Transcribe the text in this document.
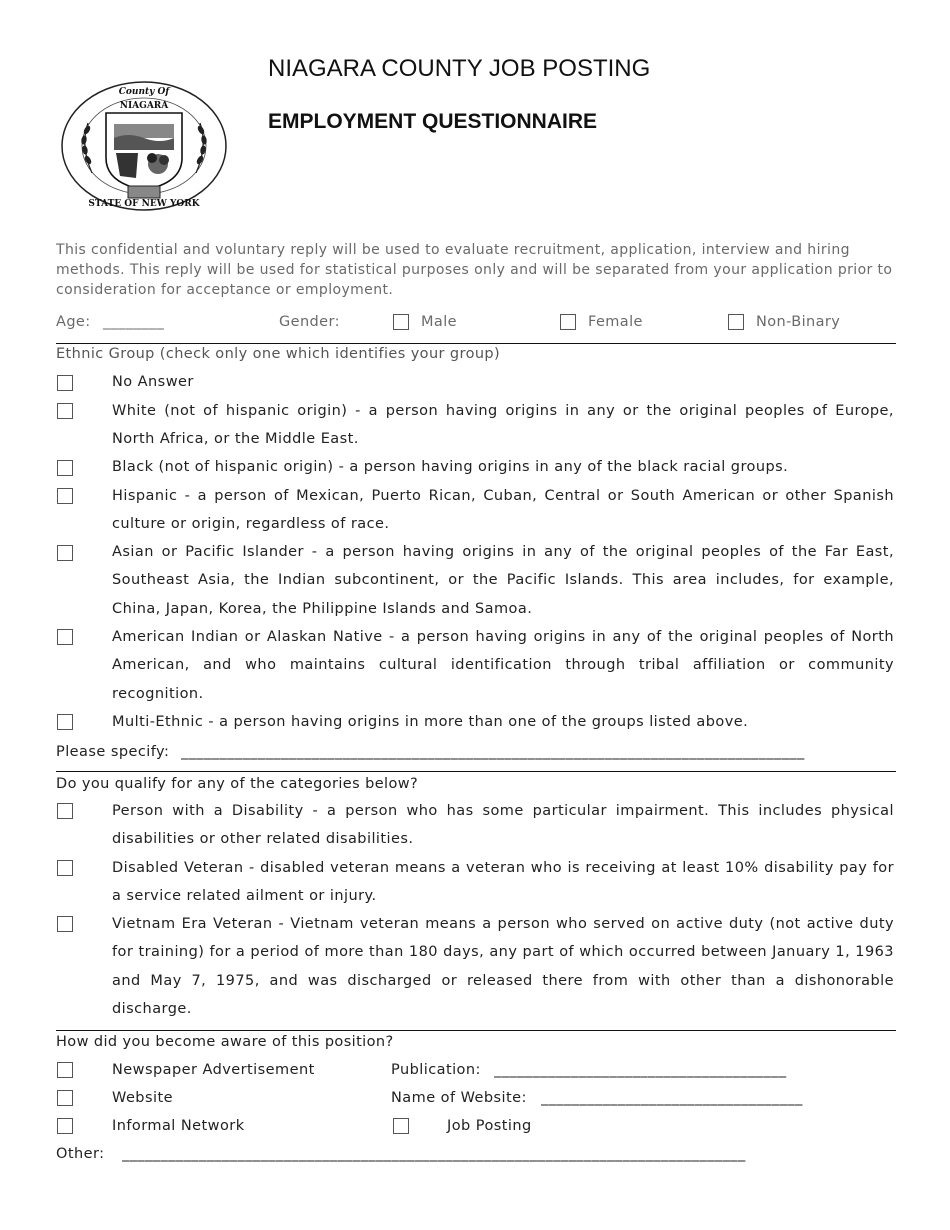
County Of
NIAGARA
STATE OF NEW YORK
NIAGARA COUNTY JOB POSTING
EMPLOYMENT QUESTIONNAIRE
This confidential and voluntary reply will be used to evaluate recruitment, application, interview and hiring methods. This reply will be used for statistical purposes only and will be separated from your application prior to consideration for acceptance or employment.
Age: ________	Gender:	Male	Female	Non-Binary
Ethnic Group (check only one which identifies your group)
No Answer
White (not of hispanic origin) - a person having origins in any or the original peoples of Europe, North Africa, or the Middle East.
Black (not of hispanic origin) - a person having origins in any of the black racial groups.
Hispanic - a person of Mexican, Puerto Rican, Cuban, Central or South American or other Spanish culture or origin, regardless of race.
Asian or Pacific Islander - a person having origins in any of the original peoples of the Far East, Southeast Asia, the Indian subcontinent, or the Pacific Islands. This area includes, for example, China, Japan, Korea, the Philippine Islands and Samoa.
American Indian or Alaskan Native - a person having origins in any of the original peoples of North American, and who maintains cultural identification through tribal affiliation or community recognition.
Multi-Ethnic - a person having origins in more than one of the groups listed above.
Please specify: _________________________________________________________________________________
Do you qualify for any of the categories below?
Person with a Disability - a person who has some particular impairment. This includes physical disabilities or other related disabilities.
Disabled Veteran - disabled veteran means a veteran who is receiving at least 10% disability pay for a service related ailment or injury.
Vietnam Era Veteran - Vietnam veteran means a person who served on active duty (not active duty for training) for a period of more than 180 days, any part of which occurred between January 1, 1963 and May 7, 1975, and was discharged or released there from with other than a dishonorable discharge.
How did you become aware of this position?
Newspaper Advertisement	Publication: ______________________________________
Website	Name of Website: __________________________________
Informal Network	Job Posting
Other: _________________________________________________________________________________
